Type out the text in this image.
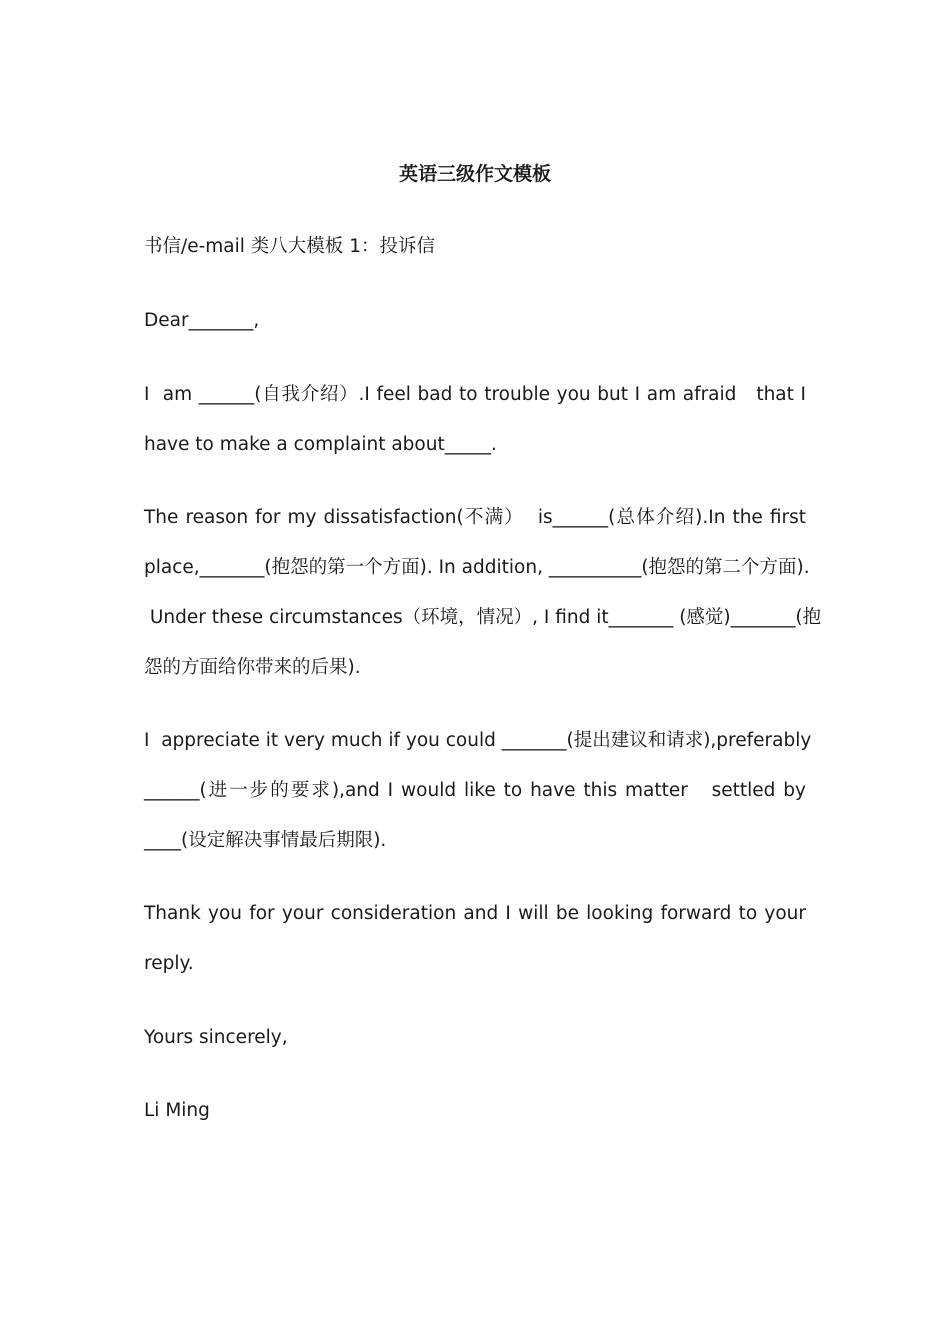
英语三级作文模板
书信/e-mail 类八大模板 1：投诉信
Dear_______,
I  am ______(自我介绍）.I feel bad to trouble you but I am afraid   that I
have to make a complaint about_____.
The reason for my dissatisfaction(不满）  is______(总体介绍).In the first
place,_______(抱怨的第一个方面). In addition, __________(抱怨的第二个方面).
Under these circumstances（环境，情况）, I find it_______ (感觉)_______(抱
怨的方面给你带来的后果).
I  appreciate it very much if you could _______(提出建议和请求),preferably
______(进一步的要求),and I would like to have this matter   settled by
____(设定解决事情最后期限).
Thank you for your consideration and I will be looking forward to your
reply.
Yours sincerely,
Li Ming
